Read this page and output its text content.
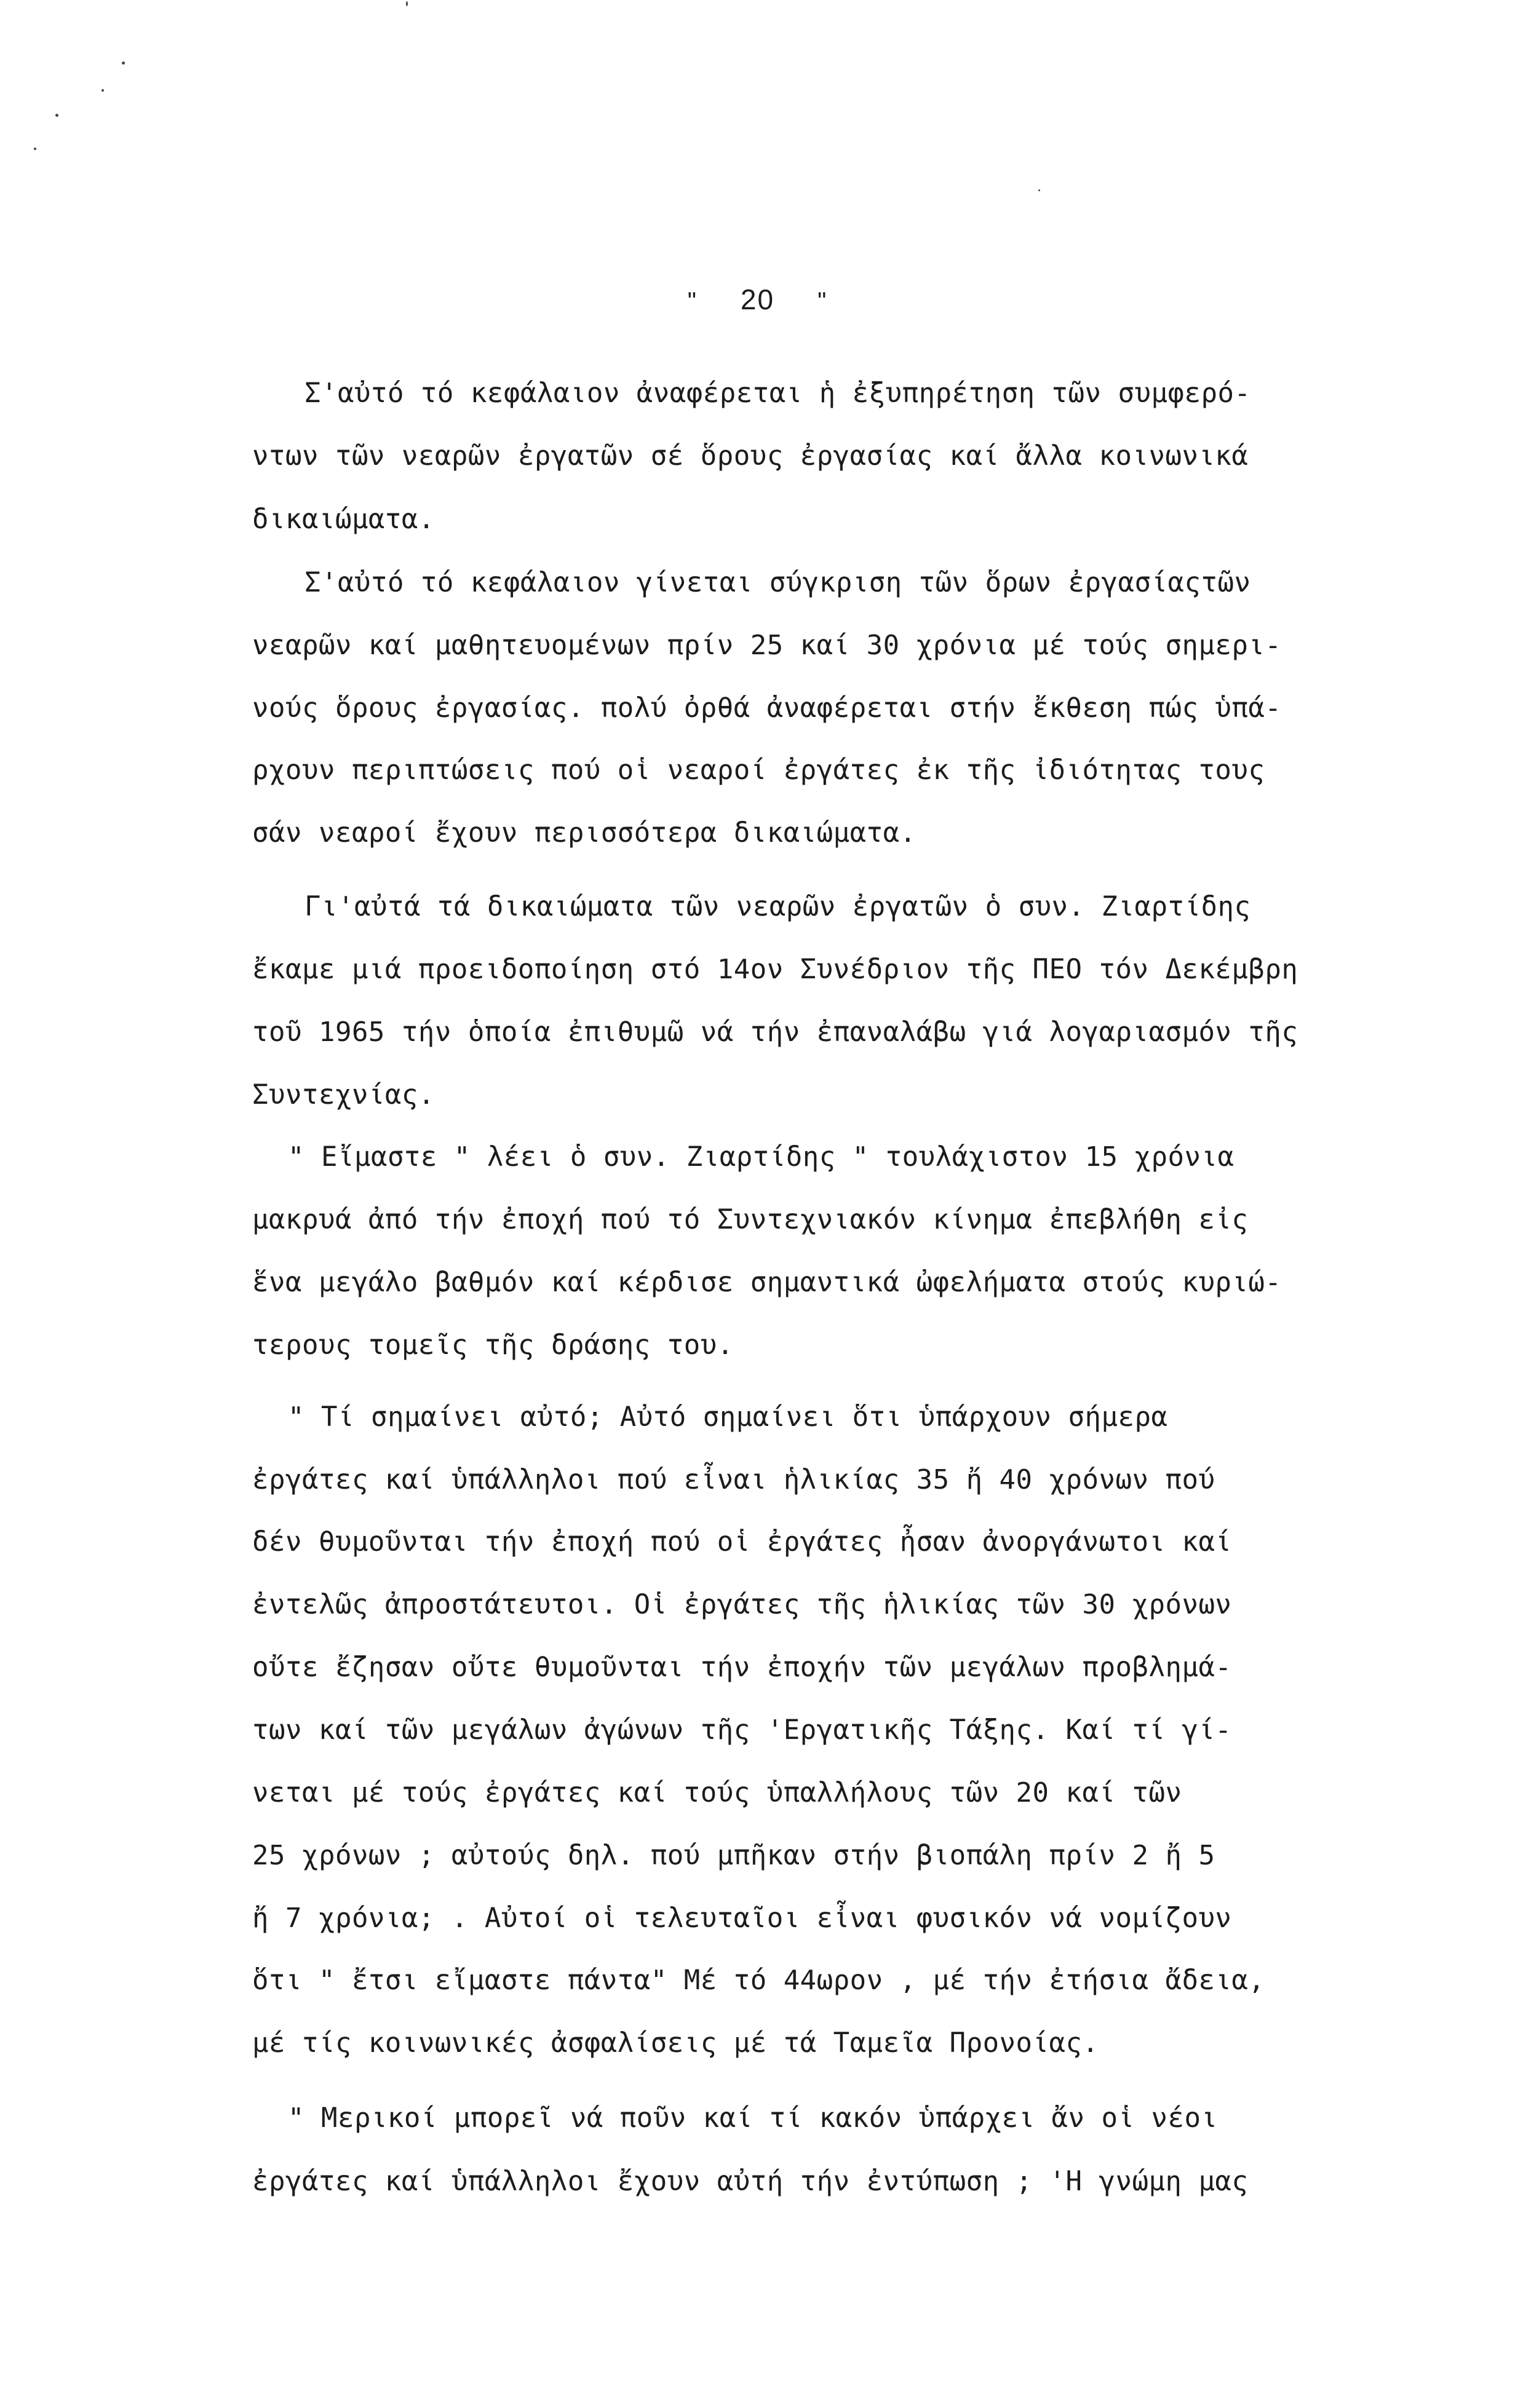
" 20 "
Σ'αὐτό τό κεφάλαιον ἀναφέρεται ἡ ἐξυπηρέτηση τῶν συμφερό-
ντων τῶν νεαρῶν ἐργατῶν σέ ὅρους ἐργασίας καί ἄλλα κοινωνικά
δικαιώματα.
Σ'αὐτό τό κεφάλαιον γίνεται σύγκριση τῶν ὅρων ἐργασίαςτῶν
νεαρῶν καί μαθητευομένων πρίν 25 καί 30 χρόνια μέ τούς σημερι-
νούς ὅρους ἐργασίας. πολύ ὀρθά ἀναφέρεται στήν ἔκθεση πώς ὑπά-
ρχουν περιπτώσεις πού οἱ νεαροί ἐργάτες ἐκ τῆς ἰδιότητας τους
σάν νεαροί ἔχουν περισσότερα δικαιώματα.
Γι'αὐτά τά δικαιώματα τῶν νεαρῶν ἐργατῶν ὁ συν. Ζιαρτίδης
ἔκαμε μιά προειδοποίηση στό 14ον Συνέδριον τῆς ΠΕΟ τόν Δεκέμβρη
τοῦ 1965 τήν ὁποία ἐπιθυμῶ νά τήν ἐπαναλάβω γιά λογαριασμόν τῆς
Συντεχνίας.
" Εἴμαστε " λέει ὁ συν. Ζιαρτίδης " τουλάχιστον 15 χρόνια
μακρυά ἀπό τήν ἐποχή πού τό Συντεχνιακόν κίνημα ἐπεβλήθη εἰς
ἕνα μεγάλο βαθμόν καί κέρδισε σημαντικά ὠφελήματα στούς κυριώ-
τερους τομεῖς τῆς δράσης του.
" Τί σημαίνει αὐτό; Αὐτό σημαίνει ὅτι ὑπάρχουν σήμερα
ἐργάτες καί ὑπάλληλοι πού εἶναι ἡλικίας 35 ἤ 40 χρόνων πού
δέν θυμοῦνται τήν ἐποχή πού οἱ ἐργάτες ἦσαν ἀνοργάνωτοι καί
ἐντελῶς ἀπροστάτευτοι. Οἱ ἐργάτες τῆς ἡλικίας τῶν 30 χρόνων
οὔτε ἔζησαν οὔτε θυμοῦνται τήν ἐποχήν τῶν μεγάλων προβλημά-
των καί τῶν μεγάλων ἀγώνων τῆς 'Εργατικῆς Τάξης. Καί τί γί-
νεται μέ τούς ἐργάτες καί τούς ὑπαλλήλους τῶν 20 καί τῶν
25 χρόνων ; αὐτούς δηλ. πού μπῆκαν στήν βιοπάλη πρίν 2 ἤ 5
ἤ 7 χρόνια; . Αὐτοί οἱ τελευταῖοι εἶναι φυσικόν νά νομίζουν
ὅτι " ἔτσι εἴμαστε πάντα" Μέ τό 44ωρον , μέ τήν ἐτήσια ἄδεια,
μέ τίς κοινωνικές ἀσφαλίσεις μέ τά Ταμεῖα Προνοίας.
" Μερικοί μπορεῖ νά ποῦν καί τί κακόν ὑπάρχει ἄν οἱ νέοι
ἐργάτες καί ὑπάλληλοι ἔχουν αὐτή τήν ἐντύπωση ; 'Η γνώμη μας
